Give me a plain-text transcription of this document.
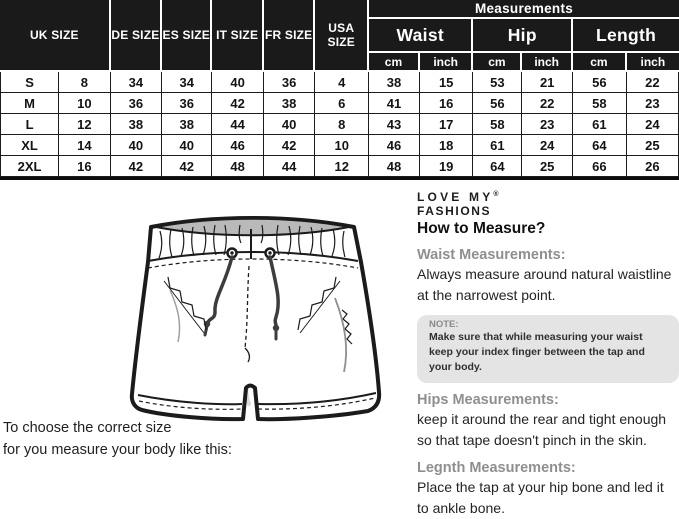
UK SIZE		DE SIZE	ES SIZE	IT SIZE	FR SIZE	USA SIZE	Measurements					
							Waist		Hip		Length	
							cm	inch	cm	inch	cm	inch
S	8	34	34	40	36	4	38	15	53	21	56	22
M	10	36	36	42	38	6	41	16	56	22	58	23
L	12	38	38	44	40	8	43	17	58	23	61	24
XL	14	40	40	46	42	10	46	18	61	24	64	25
2XL	16	42	42	48	44	12	48	19	64	25	66	26
LOVE MY®
FASHIONS
How to Measure?
Waist Measurements:
Always measure around natural waistline at the narrowest point.
NOTE:
Make sure that while measuring your waist keep your index finger between the tap and your body.
Hips Measurements:
keep it around the rear and tight enough so that tape doesn't pinch in the skin.
Legnth Measurements:
Place the tap at your hip bone and led it to ankle bone.
To choose the correct size
for you measure your body like this:
